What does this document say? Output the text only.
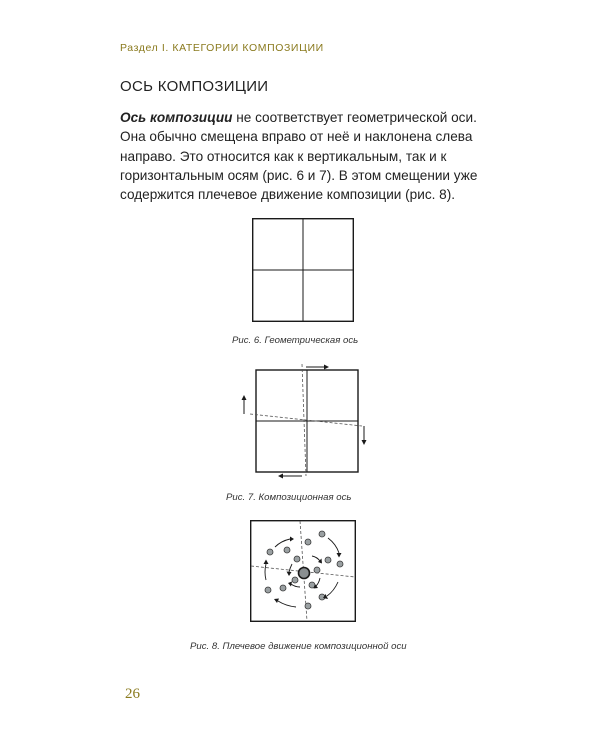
Раздел I. КАТЕГОРИИ КОМПОЗИЦИИ
ОСЬ КОМПОЗИЦИИ

Ось композиции не соответствует геометрической оси. Она обычно смещена вправо от неё и наклонена слева направо. Это относится как к вертикальным, так и к горизонтальным осям (рис. 6 и 7). В этом смещении уже содержится плечевое движение композиции (рис. 8).

Рис. 6. Геометрическая ось
Рис. 7. Композиционная ось
Рис. 8. Плечевое движение композиционной оси
26
